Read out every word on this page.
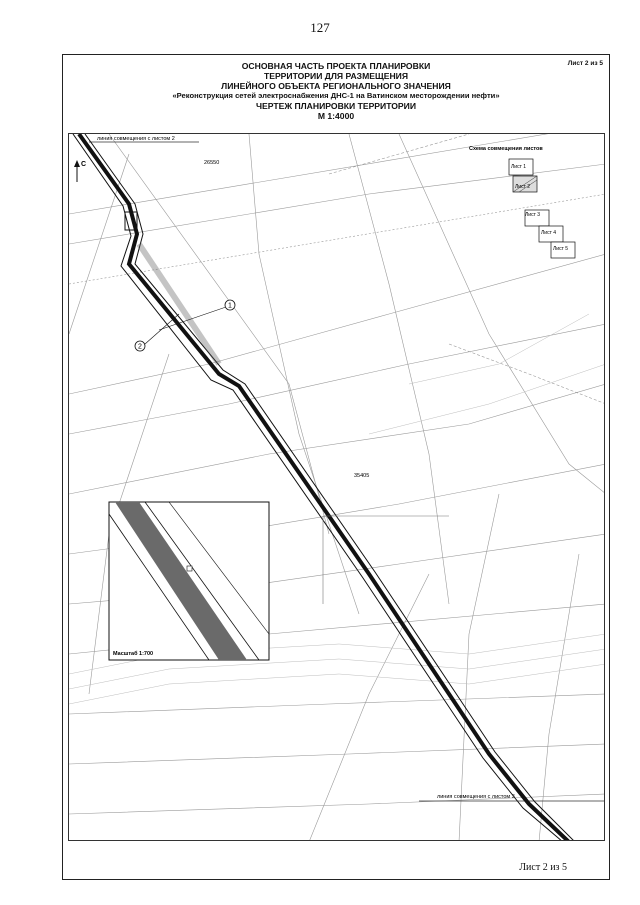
127
Лист 2 из 5
ОСНОВНАЯ ЧАСТЬ ПРОЕКТА ПЛАНИРОВКИ
ТЕРРИТОРИИ ДЛЯ РАЗМЕЩЕНИЯ
ЛИНЕЙНОГО ОБЪЕКТА РЕГИОНАЛЬНОГО ЗНАЧЕНИЯ
«Реконструкция сетей электроснабжения ДНС-1 на Ватинском месторождении нефти»
ЧЕРТЕЖ ПЛАНИРОВКИ ТЕРРИТОРИИ
М 1:4000
линия совмещения с листом 2
линия совмещения с листом 3
С	26550
35405
1
2
Схема совмещения листов
Лист 1
Лист 2
Лист 3
Лист 4
Лист 5
Масштаб 1:700
Лист 2 из 5
